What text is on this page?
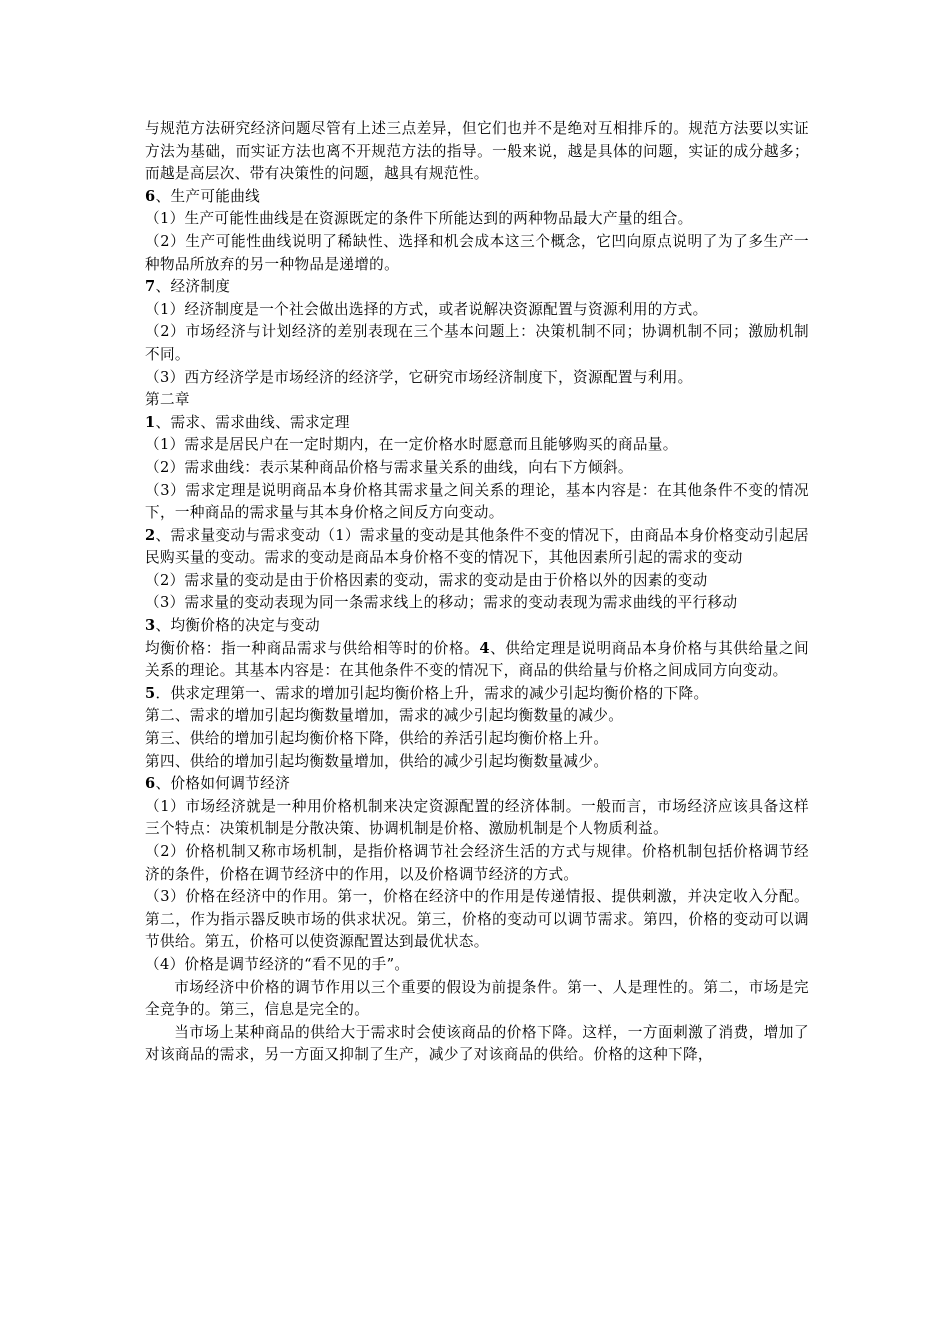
与规范方法研究经济问题尽管有上述三点差异，但它们也并不是绝对互相排斥的。规范方法要以实证方法为基础，而实证方法也离不开规范方法的指导。一般来说，越是具体的问题，实证的成分越多；而越是高层次、带有决策性的问题，越具有规范性。

6、生产可能曲线

（1）生产可能性曲线是在资源既定的条件下所能达到的两种物品最大产量的组合。

（2）生产可能性曲线说明了稀缺性、选择和机会成本这三个概念，它凹向原点说明了为了多生产一种物品所放弃的另一种物品是递增的。

7、经济制度

（1）经济制度是一个社会做出选择的方式，或者说解决资源配置与资源利用的方式。

（2）市场经济与计划经济的差别表现在三个基本问题上：决策机制不同；协调机制不同；激励机制不同。

（3）西方经济学是市场经济的经济学，它研究市场经济制度下，资源配置与利用。

第二章

1、需求、需求曲线、需求定理

（1）需求是居民户在一定时期内，在一定价格水时愿意而且能够购买的商品量。

（2）需求曲线：表示某种商品价格与需求量关系的曲线，向右下方倾斜。

（3）需求定理是说明商品本身价格其需求量之间关系的理论，基本内容是：在其他条件不变的情况下，一种商品的需求量与其本身价格之间反方向变动。

2、需求量变动与需求变动（1）需求量的变动是其他条件不变的情况下，由商品本身价格变动引起居民购买量的变动。需求的变动是商品本身价格不变的情况下，其他因素所引起的需求的变动

（2）需求量的变动是由于价格因素的变动，需求的变动是由于价格以外的因素的变动

（3）需求量的变动表现为同一条需求线上的移动；需求的变动表现为需求曲线的平行移动

3、均衡价格的决定与变动

均衡价格：指一种商品需求与供给相等时的价格。4、供给定理是说明商品本身价格与其供给量之间关系的理论。其基本内容是：在其他条件不变的情况下，商品的供给量与价格之间成同方向变动。

5．供求定理第一、需求的增加引起均衡价格上升，需求的减少引起均衡价格的下降。

第二、需求的增加引起均衡数量增加，需求的减少引起均衡数量的减少。

第三、供给的增加引起均衡价格下降，供给的养活引起均衡价格上升。

第四、供给的增加引起均衡数量增加，供给的减少引起均衡数量减少。

6、价格如何调节经济

（1）市场经济就是一种用价格机制来决定资源配置的经济体制。一般而言，市场经济应该具备这样三个特点：决策机制是分散决策、协调机制是价格、激励机制是个人物质利益。

（2）价格机制又称市场机制，是指价格调节社会经济生活的方式与规律。价格机制包括价格调节经济的条件，价格在调节经济中的作用，以及价格调节经济的方式。

（3）价格在经济中的作用。第一，价格在经济中的作用是传递情报、提供刺激，并决定收入分配。第二，作为指示器反映市场的供求状况。第三，价格的变动可以调节需求。第四，价格的变动可以调节供给。第五，价格可以使资源配置达到最优状态。

（4）价格是调节经济的“看不见的手”。

市场经济中价格的调节作用以三个重要的假设为前提条件。第一、人是理性的。第二，市场是完全竞争的。第三，信息是完全的。

当市场上某种商品的供给大于需求时会使该商品的价格下降。这样，一方面刺激了消费，增加了对该商品的需求，另一方面又抑制了生产，减少了对该商品的供给。价格的这种下降，
